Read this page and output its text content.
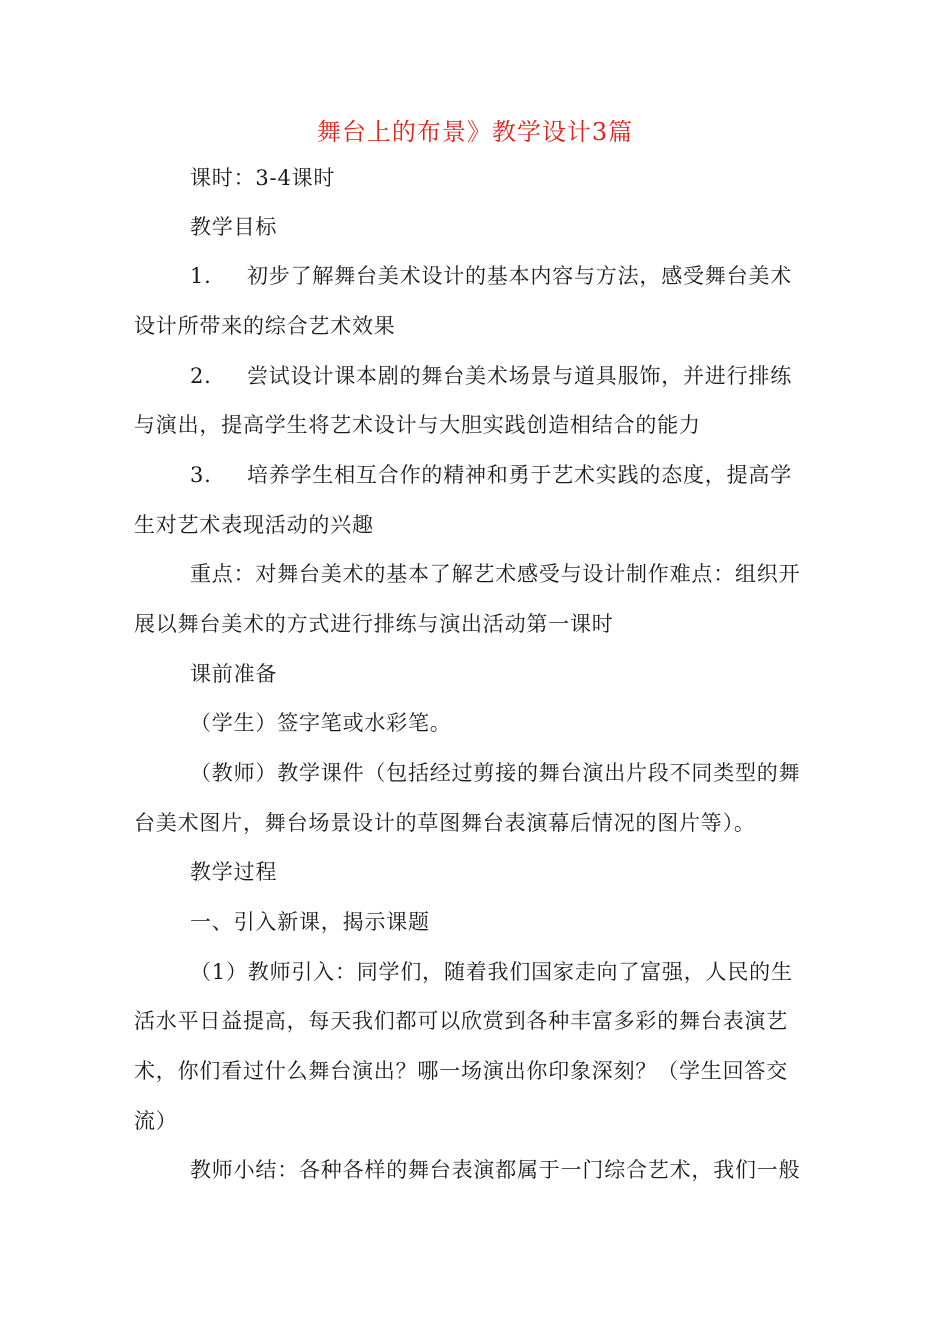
舞台上的布景》教学设计3篇
课时：3-4课时
教学目标
1. 初步了解舞台美术设计的基本内容与方法，感受舞台美术
设计所带来的综合艺术效果
2. 尝试设计课本剧的舞台美术场景与道具服饰，并进行排练
与演出，提高学生将艺术设计与大胆实践创造相结合的能力
3. 培养学生相互合作的精神和勇于艺术实践的态度，提高学
生对艺术表现活动的兴趣
重点：对舞台美术的基本了解艺术感受与设计制作难点：组织开
展以舞台美术的方式进行排练与演出活动第一课时
课前准备
（学生）签字笔或水彩笔。
（教师）教学课件（包括经过剪接的舞台演出片段不同类型的舞
台美术图片，舞台场景设计的草图舞台表演幕后情况的图片等）。
教学过程
一、引入新课，揭示课题
（1）教师引入：同学们，随着我们国家走向了富强，人民的生
活水平日益提高，每天我们都可以欣赏到各种丰富多彩的舞台表演艺
术，你们看过什么舞台演出？哪一场演出你印象深刻？（学生回答交
流）
教师小结：各种各样的舞台表演都属于一门综合艺术，我们一般
